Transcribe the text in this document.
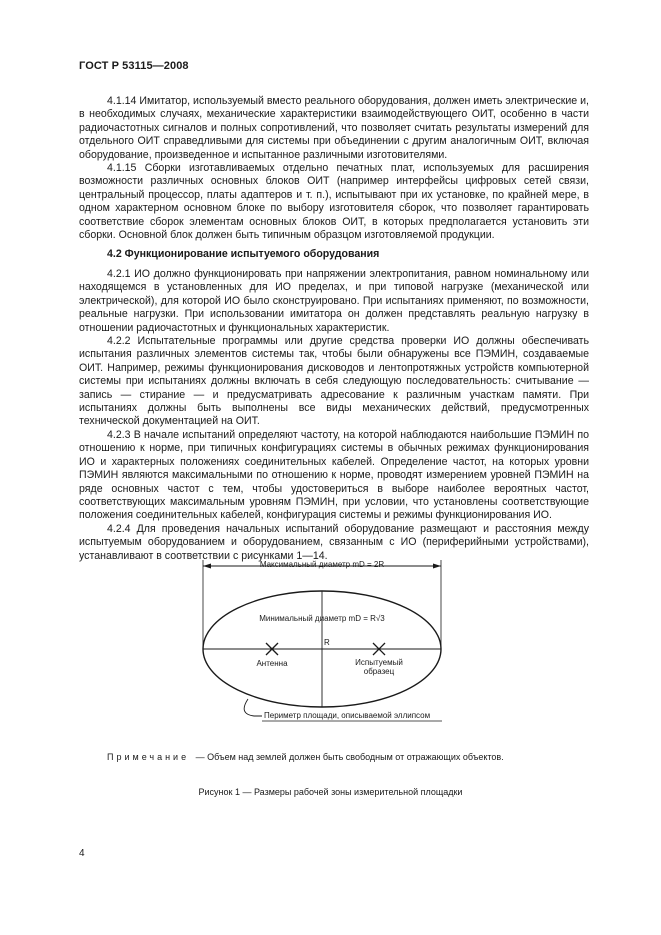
ГОСТ Р 53115—2008

4.1.14 Имитатор, используемый вместо реального оборудования, должен иметь электрические и, в необходимых случаях, механические характеристики взаимодействующего ОИТ, особенно в части радиочастотных сигналов и полных сопротивлений, что позволяет считать результаты измерений для отдельного ОИТ справедливыми для системы при объединении с другим аналогичным ОИТ, включая оборудование, произведенное и испытанное различными изготовителями.

4.1.15 Сборки изготавливаемых отдельно печатных плат, используемых для расширения возможности различных основных блоков ОИТ (например интерфейсы цифровых сетей связи, центральный процессор, платы адаптеров и т. п.), испытывают при их установке, по крайней мере, в одном характерном основном блоке по выбору изготовителя сборок, что позволяет гарантировать соответствие сборок элементам основных блоков ОИТ, в которых предполагается установить эти сборки. Основной блок должен быть типичным образцом изготовляемой продукции.

4.2 Функционирование испытуемого оборудования

4.2.1 ИО должно функционировать при напряжении электропитания, равном номинальному или находящемся в установленных для ИО пределах, и при типовой нагрузке (механической или электрической), для которой ИО было сконструировано. При испытаниях применяют, по возможности, реальные нагрузки. При использовании имитатора он должен представлять реальную нагрузку в отношении радиочастотных и функциональных характеристик.

4.2.2 Испытательные программы или другие средства проверки ИО должны обеспечивать испытания различных элементов системы так, чтобы были обнаружены все ПЭМИН, создаваемые ОИТ. Например, режимы функционирования дисководов и лентопротяжных устройств компьютерной системы при испытаниях должны включать в себя следующую последовательность: считывание — запись — стирание — и предусматривать адресование к различным участкам памяти. При испытаниях должны быть выполнены все виды механических действий, предусмотренных технической документацией на ОИТ.

4.2.3 В начале испытаний определяют частоту, на которой наблюдаются наибольшие ПЭМИН по отношению к норме, при типичных конфигурациях системы в обычных режимах функционирования ИО и характерных положениях соединительных кабелей. Определение частот, на которых уровни ПЭМИН являются максимальными по отношению к норме, проводят измерением уровней ПЭМИН на ряде основных частот с тем, чтобы удостовериться в выборе наиболее вероятных частот, соответствующих максимальным уровням ПЭМИН, при условии, что установлены соответствующие положения соединительных кабелей, конфигурация системы и режимы функционирования ИО.

4.2.4 Для проведения начальных испытаний оборудование размещают и расстояния между испытуемым оборудованием и оборудованием, связанным с ИО (периферийными устройствами), устанавливают в соответствии с рисунками 1—14.

Максимальный диаметр mD = 2R
Минимальный диаметр mD = R√3
R
Антенна	Испытуемый
образец
Периметр площади, описываемой эллипсом
Примечание — Объем над землей должен быть свободным от отражающих объектов.
Рисунок 1 — Размеры рабочей зоны измерительной площадки
4
